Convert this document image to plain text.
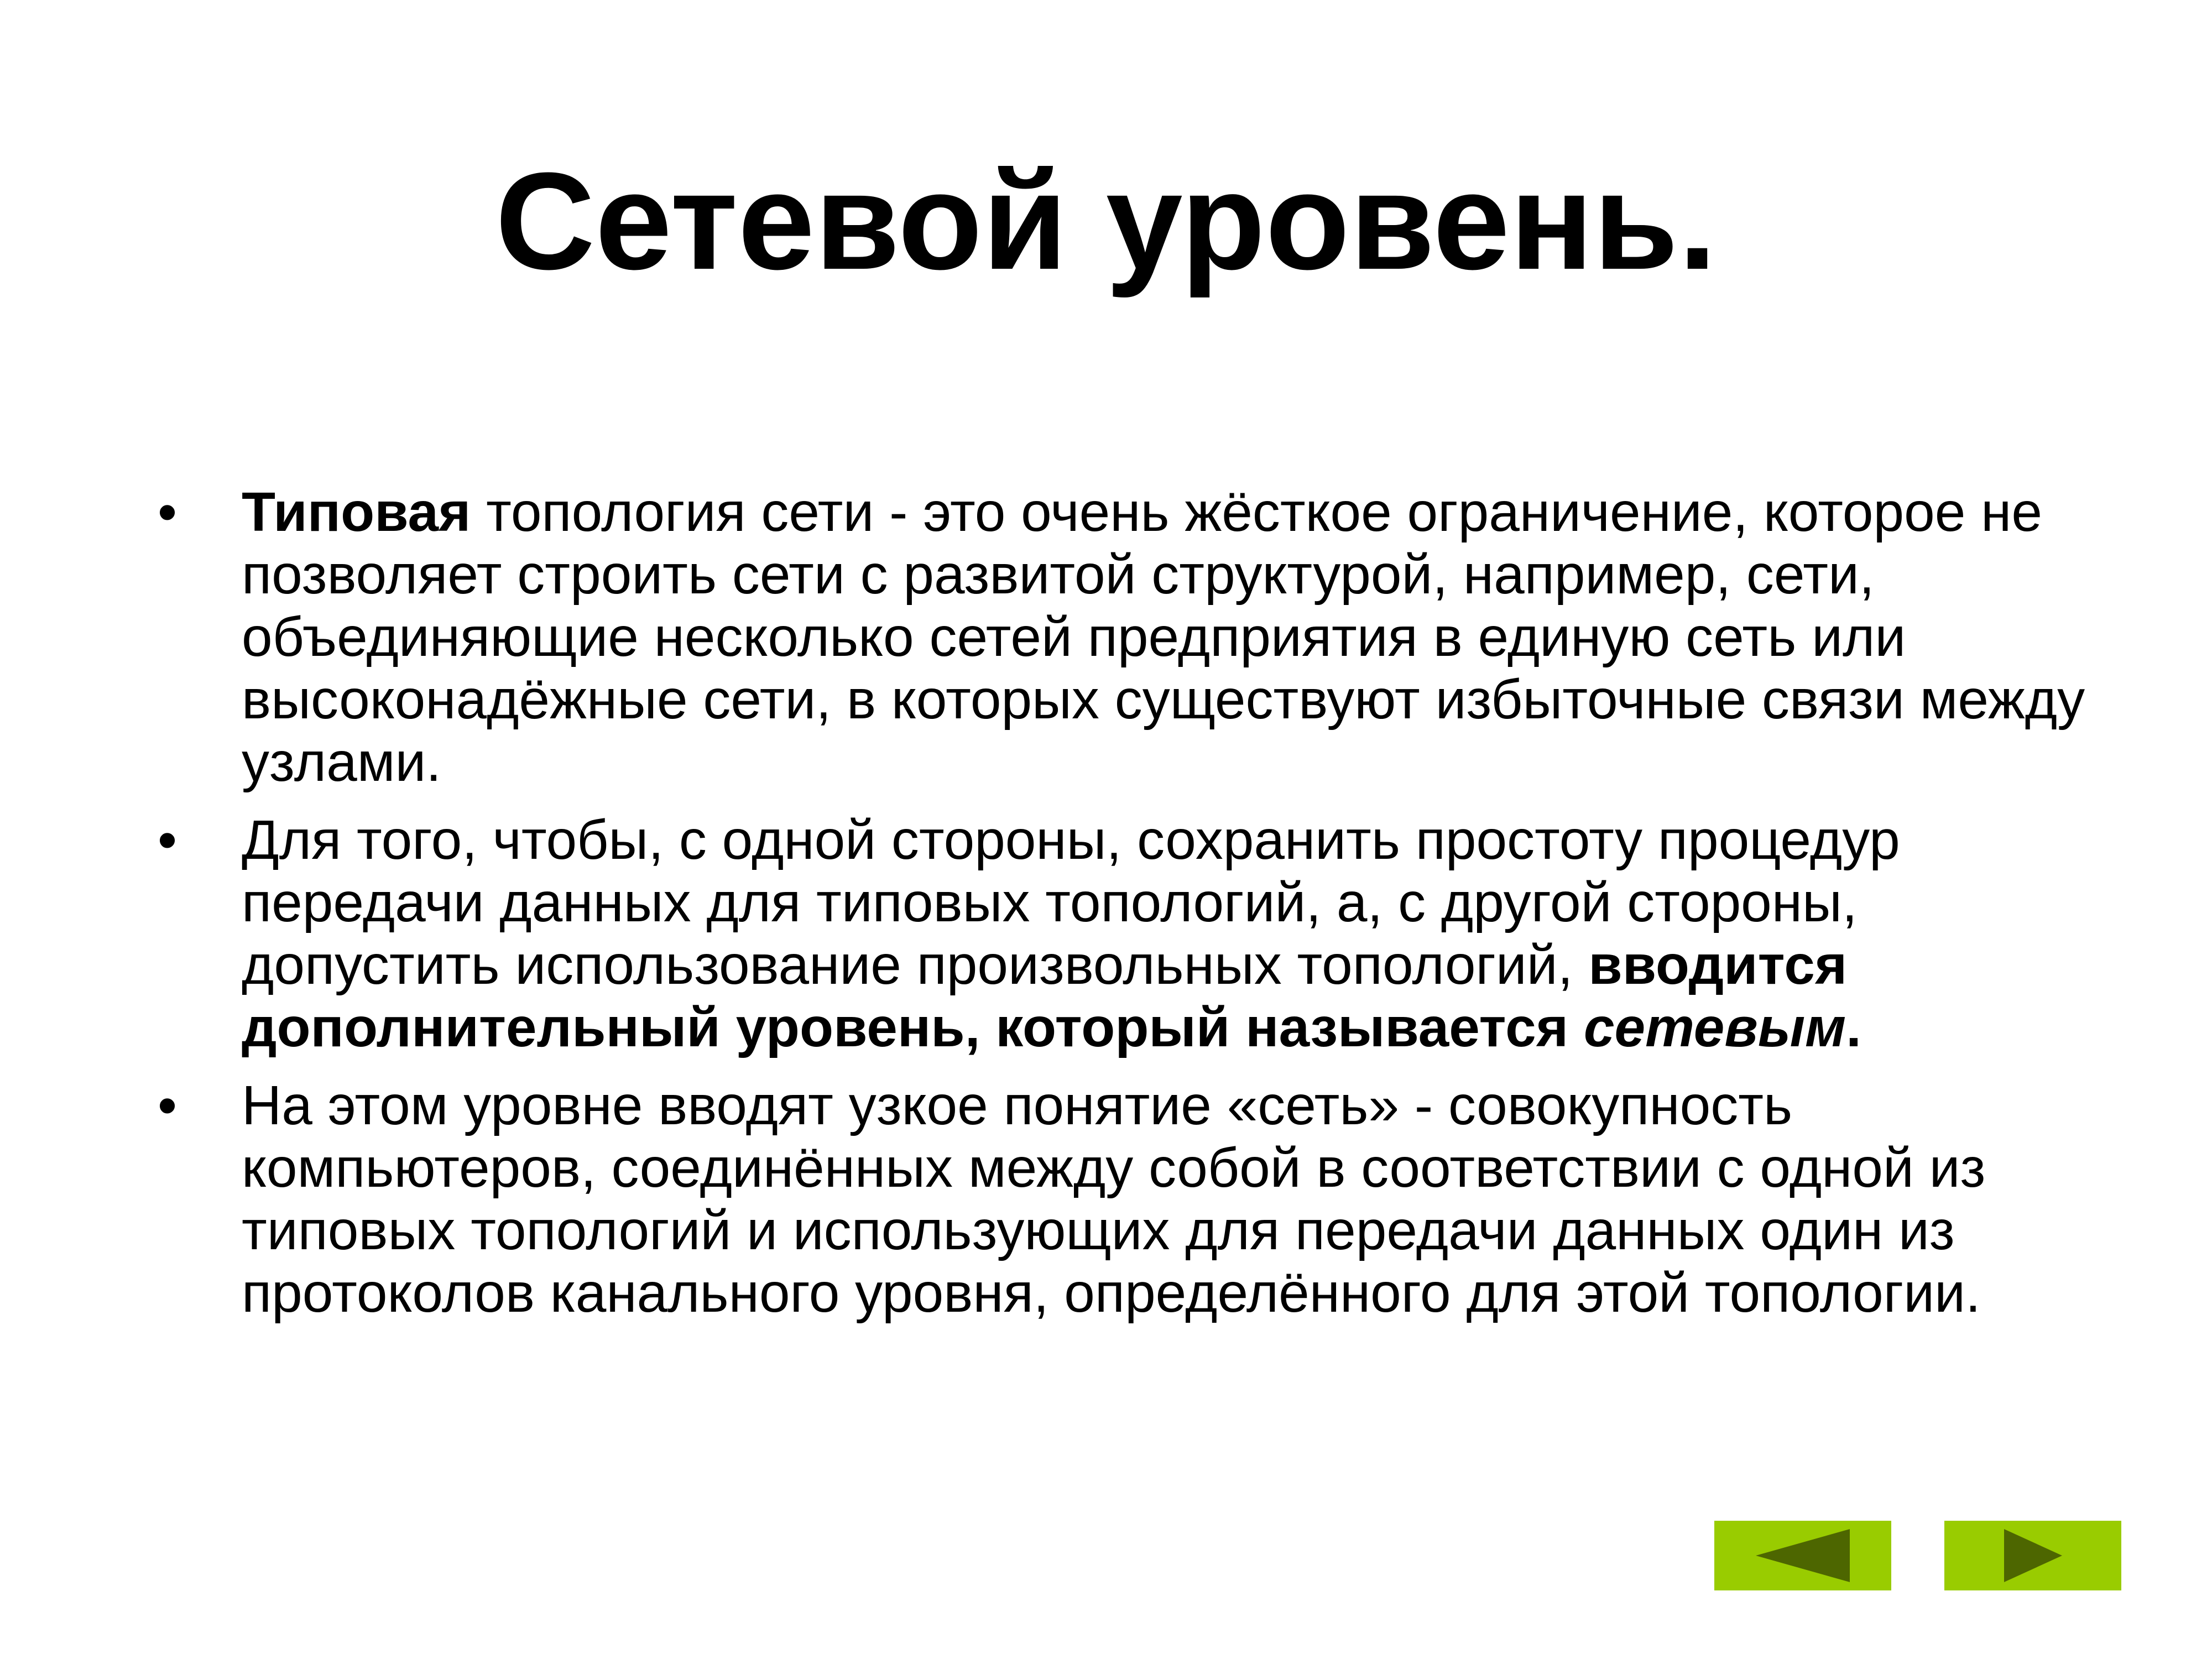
Сетевой уровень.
•	Типовая топология сети - это очень жёсткое ограничение, которое не позволяет строить сети с развитой структурой, например, сети, объединяющие несколько сетей предприятия в единую сеть или высоконадёжные сети, в которых существуют избыточные связи между узлами.
•	Для того, чтобы, с одной стороны, сохранить простоту процедур передачи данных для типовых топологий, а, с другой стороны, допустить использование произвольных топологий, вводится дополнительный уровень, который называется сетевым.
•	На этом уровне вводят узкое понятие «сеть» - совокупность компьютеров, соединённых между собой в соответствии с одной из типовых топологий и использующих для передачи данных один из протоколов канального уровня, определённого для этой топологии.
